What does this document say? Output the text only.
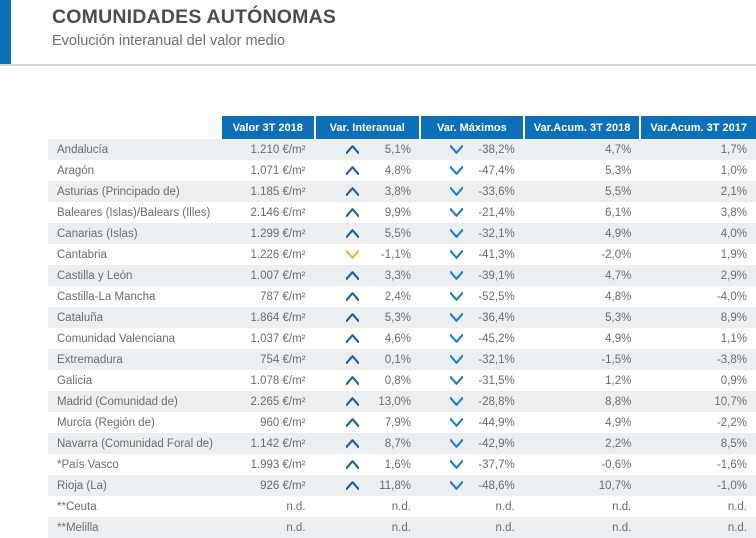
COMUNIDADES AUTÓNOMAS
Evolución interanual del valor medio
	Valor 3T 2018	Var. Interanual	Var. Máximos	Var.Acum. 3T 2018	Var.Acum. 3T 2017
Andalucía	1.210 €/m²	5,1%	-38,2%	4,7%	1,7%
Aragón	1.071 €/m²	4,8%	-47,4%	5,3%	1,0%
Asturias (Principado de)	1.185 €/m²	3,8%	-33,6%	5,5%	2,1%
Baleares (Islas)/Balears (Illes)	2.146 €/m²	9,9%	-21,4%	6,1%	3,8%
Canarias (Islas)	1.299 €/m²	5,5%	-32,1%	4,9%	4,0%
Cantabria	1.226 €/m²	-1,1%	-41,3%	-2,0%	1,9%
Castilla y León	1.007 €/m²	3,3%	-39,1%	4,7%	2,9%
Castilla-La Mancha	787 €/m²	2,4%	-52,5%	4,8%	-4,0%
Cataluña	1.864 €/m²	5,3%	-36,4%	5,3%	8,9%
Comunidad Valenciana	1.037 €/m²	4,6%	-45,2%	4,9%	1,1%
Extremadura	754 €/m²	0,1%	-32,1%	-1,5%	-3,8%
Galicia	1.078 €/m²	0,8%	-31,5%	1,2%	0,9%
Madrid (Comunidad de)	2.265 €/m²	13,0%	-28,8%	8,8%	10,7%
Murcia (Región de)	960 €/m²	7,9%	-44,9%	4,9%	-2,2%
Navarra (Comunidad Foral de)	1.142 €/m²	8,7%	-42,9%	2,2%	8,5%
*País Vasco	1.993 €/m²	1,6%	-37,7%	-0,6%	-1,6%
Rioja (La)	926 €/m²	11,8%	-48,6%	10,7%	-1,0%
**Ceuta	n.d.	n.d.	n.d.	n.d.	n.d.
**Melilla	n.d.	n.d.	n.d.	n.d.	n.d.
